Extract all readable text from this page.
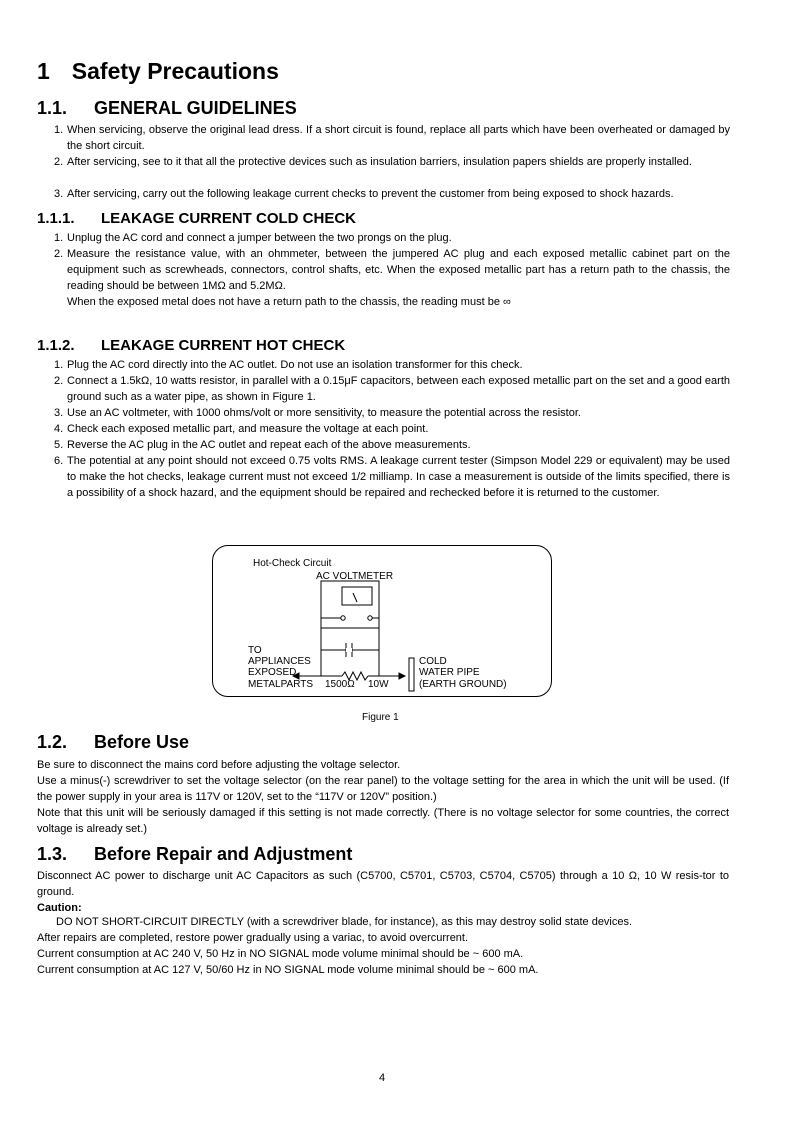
1 Safety Precautions
1.1. GENERAL GUIDELINES
1. When servicing, observe the original lead dress. If a short circuit is found, replace all parts which have been overheated or damaged by the short circuit.
2. After servicing, see to it that all the protective devices such as insulation barriers, insulation papers shields are properly installed.
3. After servicing, carry out the following leakage current checks to prevent the customer from being exposed to shock hazards.
1.1.1. LEAKAGE CURRENT COLD CHECK
1. Unplug the AC cord and connect a jumper between the two prongs on the plug.
2. Measure the resistance value, with an ohmmeter, between the jumpered AC plug and each exposed metallic cabinet part on the equipment such as screwheads, connectors, control shafts, etc. When the exposed metallic part has a return path to the chassis, the reading should be between 1MΩ and 5.2MΩ.
When the exposed metal does not have a return path to the chassis, the reading must be ∞
1.1.2. LEAKAGE CURRENT HOT CHECK
1. Plug the AC cord directly into the AC outlet. Do not use an isolation transformer for this check.
2. Connect a 1.5kΩ, 10 watts resistor, in parallel with a 0.15μF capacitors, between each exposed metallic part on the set and a good earth ground such as a water pipe, as shown in Figure 1.
3. Use an AC voltmeter, with 1000 ohms/volt or more sensitivity, to measure the potential across the resistor.
4. Check each exposed metallic part, and measure the voltage at each point.
5. Reverse the AC plug in the AC outlet and repeat each of the above measurements.
6. The potential at any point should not exceed 0.75 volts RMS. A leakage current tester (Simpson Model 229 or equivalent) may be used to make the hot checks, leakage current must not exceed 1/2 milliamp. In case a measurement is outside of the limits specified, there is a possibility of a shock hazard, and the equipment should be repaired and rechecked before it is returned to the customer.
Hot-Check Circuit
AC VOLTMETER
TO
APPLIANCES
EXPOSED
METALPARTS 1500Ω 10W
COLD
WATER PIPE
(EARTH GROUND)
Figure 1
1.2. Before Use
Be sure to disconnect the mains cord before adjusting the voltage selector.
Use a minus(-) screwdriver to set the voltage selector (on the rear panel) to the voltage setting for the area in which the unit will be used. (If the power supply in your area is 117V or 120V, set to the “117V or 120V” position.)
Note that this unit will be seriously damaged if this setting is not made correctly. (There is no voltage selector for some countries, the correct voltage is already set.)
1.3. Before Repair and Adjustment
Disconnect AC power to discharge unit AC Capacitors as such (C5700, C5701, C5703, C5704, C5705) through a 10 Ω, 10 W resis-tor to ground.
Caution:
DO NOT SHORT-CIRCUIT DIRECTLY (with a screwdriver blade, for instance), as this may destroy solid state devices.
After repairs are completed, restore power gradually using a variac, to avoid overcurrent.
Current consumption at AC 240 V, 50 Hz in NO SIGNAL mode volume minimal should be ~ 600 mA.
Current consumption at AC 127 V, 50/60 Hz in NO SIGNAL mode volume minimal should be ~ 600 mA.
4
